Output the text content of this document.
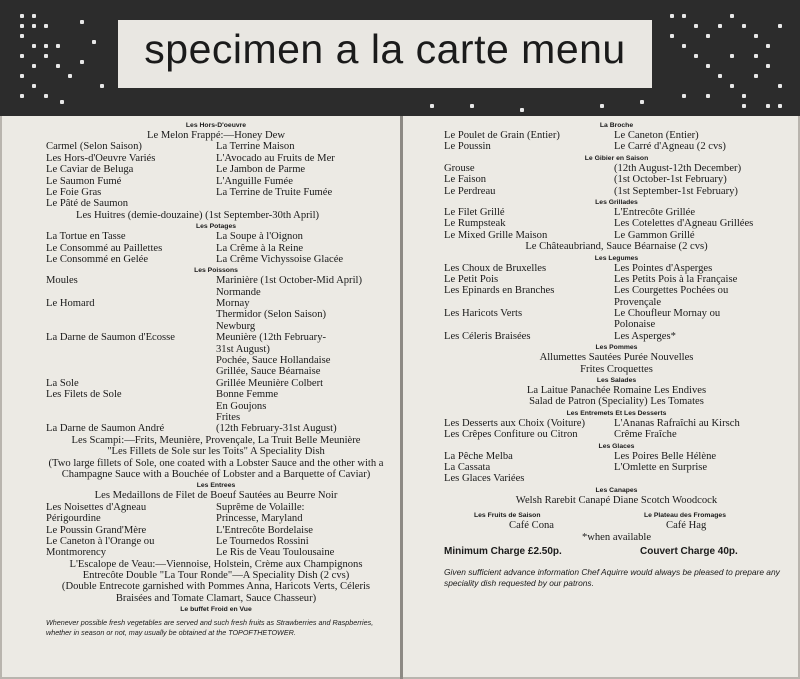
specimen a la carte menu
Les Hors-D'oeuvre
Le Melon Frappé:—Honey Dew
Carmel (Selon Saison)	La Terrine Maison
Les Hors-d'Oeuvre Variés	L'Avocado au Fruits de Mer
Le Caviar de Beluga	Le Jambon de Parme
Le Saumon Fumé	L'Anguille Fumée
Le Foie Gras	La Terrine de Truite Fumée
Le Pâté de Saumon
Les Huitres (demie-douzaine) (1st September-30th April)
Les Potages
La Tortue en Tasse	La Soupe à l'Oignon
Le Consommé au Paillettes	La Crême à la Reine
Le Consommé en Gelée	La Crême Vichyssoise Glacée
Les Poissons
Moules	Marinière (1st October-Mid April)
Normande
Le Homard	Mornay
Thermidor (Selon Saison)
Newburg
La Darne de Saumon d'Ecosse	Meunière (12th February-
31st August)
Pochée, Sauce Hollandaise
Grillée, Sauce Béarnaise
La Sole	Grillée Meunière Colbert
Les Filets de Sole	Bonne Femme
En Goujons
Frites
La Darne de Saumon André	(12th February-31st August)
Les Scampi:—Frits, Meunière, Provençale, La Truit Belle Meunière
"Les Fillets de Sole sur les Toits" A Speciality Dish
(Two large fillets of Sole, one coated with a Lobster Sauce and the other with a Champagne Sauce with a Bouchée of Lobster and a Barquette of Caviar)
Les Entrees
Les Medaillons de Filet de Boeuf Sautées au Beurre Noir
Les Noisettes d'Agneau	Suprême de Volaille:
Périgourdine	Princesse, Maryland
Le Poussin Grand'Mère	L'Entrecôte Bordelaise
Le Caneton à l'Orange ou	Le Tournedos Rossini
Montmorency	Le Ris de Veau Toulousaine
L'Escalope de Veau:—Viennoise, Holstein, Crème aux Champignons
Entrecôte Double "La Tour Ronde"—A Speciality Dish (2 cvs)
(Double Entrecote garnished with Pommes Anna, Haricots Verts, Céleris Braisées and Tomate Clamart, Sauce Chasseur)
Le buffet Froid en Vue
Whenever possible fresh vegetables are served and such fresh fruits as Strawberries and Raspberries, whether in season or not, may usually be obtained at the TOPOFTHETOWER.
La Broche
Le Poulet de Grain (Entier)	Le Caneton (Entier)
Le Poussin	Le Carré d'Agneau (2 cvs)
Le Gibier en Saison
Grouse	(12th August-12th December)
Le Faison	(1st October-1st February)
Le Perdreau	(1st September-1st February)
Les Grillades
Le Filet Grillé	L'Entrecôte Grillée
Le Rumpsteak	Les Cotelettes d'Agneau Grillées
Le Mixed Grille Maison	Le Gammon Grillé
Le Châteaubriand, Sauce Béarnaise (2 cvs)
Les Legumes
Les Choux de Bruxelles	Les Pointes d'Asperges
Le Petit Pois	Les Petits Pois à la Française
Les Epinards en Branches	Les Courgettes Pochées ou
Provençale
Les Haricots Verts	Le Choufleur Mornay ou
Polonaise
Les Céleris Braisées	Les Asperges*
Les Pommes
Allumettes Sautées Purée Nouvelles
Frites Croquettes
Les Salades
La Laitue Panachée Romaine Les Endives
Salad de Patron (Speciality) Les Tomates
Les Entremets Et Les Desserts
Les Desserts aux Choix (Voiture)	L'Ananas Rafraîchi au Kirsch
Les Crêpes Confiture ou Citron	Crême Fraîche
Les Glaces
La Pêche Melba	Les Poires Belle Hélène
La Cassata	L'Omlette en Surprise
Les Glaces Variées
Les Canapes
Welsh Rarebit Canapé Diane Scotch Woodcock
Les Fruits de Saison	Le Plateau des Fromages
Café Cona	Café Hag
*when available
Minimum Charge £2.50p.	Couvert Charge 40p.
Given sufficient advance information Chef Aquirre would always be pleased to prepare any speciality dish requested by our patrons.
